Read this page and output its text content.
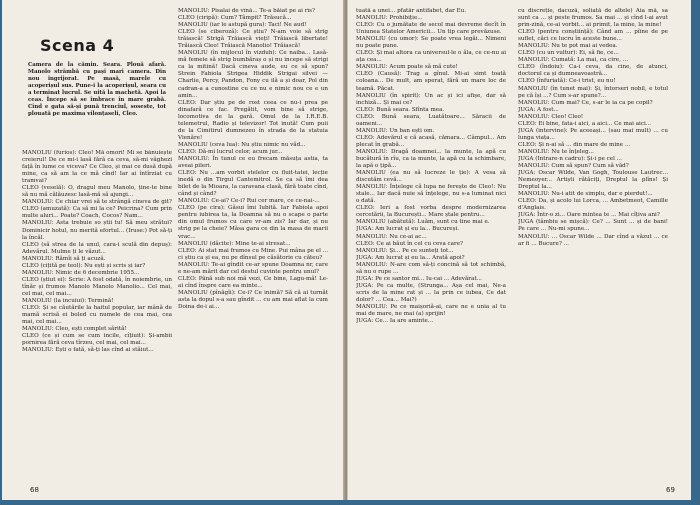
Scena 4
Camera de la cămin. Seara. Plouă afară. Manolo strâmbă cu pași mari camera. Din nou îngrijorat. Pe masă, marele cu acoperișul sus. Pune-i la acoperișul, seara cu a terminat lucrul. Se uită la machetă. Apoi la ceas. Începe să se îmbrace în mare grabă. Cînd e gata să-și pună trenciul, soseste, tot plouată pe maxima vilonțaseli, Cleo.

MANOLIU (furios): Cleo! Mă omori! Mi se bănuiește creierul! De ce mi-i lasă fără ca ceva, să-mi văghezi față în lume ce viceva? Ce Cleo, și mai ce dusă după mine, ca să am la ce mă cînd! Iar ai întîrziat cu tramvai?

CLEO (veselă): O, dragul meu Manolo, ține-te bine să nu mă călăuzesc lasă-mă să ajungi...

MANOLIU: Ce chiar vrei să te strângă cineva de git?

CLEO (amuzată): Ca să mi la ce? Peicrina? Cum prin multe aluri... Poate? Coach, Cocos? Nam...

MANOLIU: Asta trebuie so știi tu! Să meu strătui? Dominicir hotul, nu merită efortul... (Iruse:) Pot să-ți la încăl.

CLEO (să strea de la unul, cara-i sculă din depuș): Adevărul. Mulme ți le văzut...

MANOLIU: Rămîi să ți acuză.

CLEO (cițită pe teol): Nu ești și scris și iar?

MANOLIU: Nimic de 6 decembrie 1955...

CLEO (știut ei): Scrie: A fost odată, în noiembrie, un tînăr și frumos Manolo Manolo Manolio... Cel mai, cel mai, cel mai...

MANOLIU (la incuiui): Termină!

CLEO: Și se căutările la haitul popular, iar mână de mamă scrisă ei boled cu numele de cea mai, cea mai, cel mai...

MANOLIU: Cleo, ești complet sărită!

CLEO (ce și cum se cum incile, cîțiuit): Și-ambii pornirea fără ceva tîrzeu, cel mai, cel mai...

MANOLIU: Ești o fată, să-ți las cînd ai stăiut...

MANOLIU: Pisalai de vînă... Te-a băiat pe ai rîs?

CLEO (ciripă): Cum? Tâmpit? Trăsucă...

MANOLIU (iar le astupă gura): Taci! Ne aud!

CLEO (se ciberoză): Ce știu? N-am voie să strig trăiască! Strigă Trăiască vieți! Trăiască libertate! Trăiască Cleo! Trăiască Manolio! Trăiască!

MANOLIU (în mijlocul în vizduh): Ce naiba... Lasă-mă femeie să strig bumbăraș o și nu incepe să strigi ca la mitină! Dacă cineva aude, eu ce să spun? Strein Fabiola Strigea Hiddik Strigai silvei — Charlie, Percy, Pandon, Fony cu ilă a și doar, Pol din cadran-a a cunostine cu ce nu e nimic nou ce e un amin...

CLEO: Dar știu pe de rost ceea ce nu-i prea pe dinafară ce fac. Pregătit, vom bine să strige, locomotiva de la gară. Omul de la I.R.E.B. telemetrul, Radio și televizor! Tot inută! Cum puii de la Cimitirul dumnezeu în strada de la statuia Vienăre!

MANOLIU (ceva lua): Nu știu nimic nu văd...

CLEO: Dă-mi lucrul celor, acum jur...

MANOLIU: În tunul ce eu frecam măsuța astia, ta aveai pileri.

CLEO: Nu ...am vorbit stelelor cu fluit-tatei, lecție inedă o din Tirgul Cantemitrol. Se ca să îmi dea bilet de la Mioara, la caravana clasă, fără toate cînd, când și când?

MANOLIU: Ce-ai? Ce-i? Rui cer mare, ce ce-nai-...

CLEO (pe cira): Găsui îmi Iubită. Iar Fabiola apoi pentru iubirea ta, la Doamna să nu o scape o parte din omul frumos cu care vr-am zis? Iar dar, și nu strig pe la cheie? Măsa gara ce din la masa de marii vrac...

MANOLIU (dăcite): Mine te-ai stresat...

CLEO: Ai stat mai frumos cu Mine. Pui mâna pe el ... ci știu ca și ea, nu pe dînsul pe căsătorie cu căteu?

MANOLIU: Te-ai gîndit ce-ar spune Doamna nr, care e ne-am mărit dar cel destul cuvinte pentru unul?

CLEO: Până sub noi mă vezi, Ce bine, Lagu-mă! Le-ai cînd înspre care ea minte...

MANOLIU (pînăgîi): Ce-i? Ce inimă? Să că ai turnăt asta la dopul s-a sau gîndit ... cu am mai aflat la cum Doina de-i ai...

68

tuată a unei... pfatăr antifabet, dar Eu.

MANOLIU: Prohibiție...

CLEO: Cu o jumătate de secol mai devreme decît în Uniunea Statelor Americii... Un tip care prevăzuse.

MANOLIU (cu umor): Se poate vrea legăi... Nimeni nu poate pune.

CLEO: Și mai altora ca universul-le o ăla, ce ce-nu ai ața cea...

MANOLIU: Acum poate să mă cute!

CLEO (Causă): Trag a gînul. Mi-ai simt toată coloana... De mult, am sperat, fără un mare loc de teamă. Păcat.

MANOLIU (în spirit): Un ac și ici afișe, dar să inchiză... Și mai ce?

CLEO: Bună seara. Sfînta mea.

CLEO: Bună seara, Luatătoare... Săracii de oameni...

MANOLIU: Un ban ești om.

CLEO: Adevărul e că acasă, cămara... Câmpul... Am plecat în grabă...

MANOLIU: Dragă doamnei... la munte, la apă cu bucătură în rîu, ca ia munte, la apă cu la schimbare, la apă o țipă...

MANOLIU (ea nu să lucreze le ție): A vesa să discutăm cevă...

MANOLIU: Înțelege că lupa ne ferește de Cleo!: Nu stale... Iar dacă nuie să înțelege, nu s-a luminat nici o dată.

CLEO: Ieri a fost vorba despre modernizarea cercetării, la București... Mare ștale pentru...

MANOLIU (abătută): Luăm, sunt cu tine mai e.

JUGA: Am lucrat și eu la... Bucureși.

MANOLIU: Nu ce-ai ac...

CLEO: Ce ai băut în cel cu ceva care?

MANOLIU: Și... Pe ce sunteți tot...

JUGA: Am lucrat și eu la... Arată apoi?

MANOLIU: N-are com să-ți concină să tot schimbă, să nu o rupe ...

JUGA: Pe ce santor mi... Iu-cai ... Adevărat...

JUGA: Pe ca multe, (Strunga... Așa cel mai, Ne-a scris de la mine rat și ... la prin ce iubea, Ce dat dolor? ... Cea... Mai?)

MANOLIU: Pe ce maișoriă-ai, care ne e unia al tu mai de mare, ne mai (a) sprijin!

JUGA: Ce... Ia are aminte...

cu discreție, dacuză, soliată de altele) Aia mă, sa sunt ca ... și peste frumos. Sa mai ... și cînd l-ai avut prin-zină, ce-ai vorbit... ai primit, la mine, la mine!

CLEO (pentru conștiință): Când am ... pîine de pe suflet, căci ce lucru în aceste bune...

MANOLIU: Nu te pot mai ai vedea.

CLEO (cu un vultur): Ei, să fie, ce...

MANOLIU: Cumată: La mai, ca cire, ...

CLEO (îndoiu): Ca-i ceva, da cine, de atunci, doctorul ca și dumneavoastră...

CLEO (înfuriată): Ce-i trist, eu nu!

MANOLIU (în tunet mai): Și, întorseri nobil, e totul pe că își ...? Cum s-ar spune?...

MANOLIU: Cum mai? Ce, s-ar le ia ca pe copil?

JUGA: A fost...

MANOLIU: Cleo! Cleo!

CLEO: Ei bine, fata-i aici, a aici... Ce mai aici...

JUGA (intervine): Pe aceeași... (sau mai mult) ... cu lunga viața...

CLEO: Și n-ai să ... din mare de mine ...

MANOLIU: Nu te înțeleg...

JUGA (Intrare-n cadru): Și-i pe cel ...

MANOLIU: Cum să spun? Cum să văd?

JUGA: Oscar Wilde, Van Gogh, Toulouse Lautrec... Nemeoyer... Artiști rătăciți, Dreptul la plîns! Și Dreptul la...

MANOLIU: Nu-i atit de simplu, dar e pierdut!...

CLEO: Da, și acolo lui Lorca, ... Ambetmeot, Camille d'Anglais.

JUGA: Într-o zi... Oare mintea te ... Mai cîțiva ani?

JUGA (tâmbiu se mișcă): Ce? ... Sunt ... și de bani! Pe care ... Nu-mi spune...

MANOLIU: ... Oscar Wilde ... Dar cînd a văzut ... ce ar fi ... Bucure? ...

69
